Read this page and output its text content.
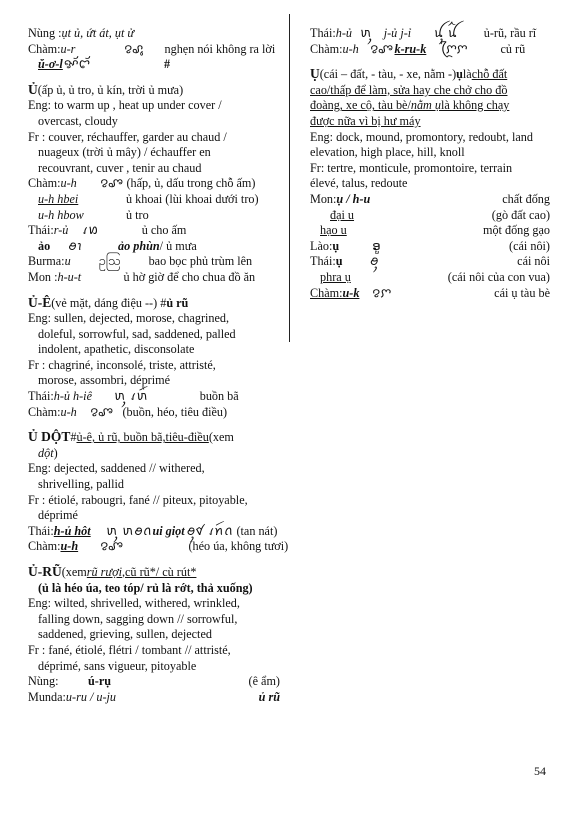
Nùng : ụt ủ, ứt át, ụt ử
Chàm: u-r	ꨂꨣꨶ	nghẹn nói không ra lời
ŭ-ơ-l ꨀꨮꨤꨮ	#
Ủ (ấp ủ, ủ tro, ủ kín, trời ủ mưa)
Eng: to warm up , heat up under cover /
overcast, cloudy
Fr : couver, réchauffer, garder au chaud /
nuageux (trời ủ mây) / échauffer en
recouvrant, cuver , tenir au chaud
Chàm: u-h	ꨂꨨ (hấp, ủ, dấu trong chỗ ấm)
u-h hbei	ủ khoai (lùi khoai dưới tro)
u-h hbow	ủ tro
Thái: r-ủ	ꪹꪭ	ủ cho ấm
ảo	ꪮꪱ	ảo phùn / ủ mưa
Burma: u	ဥသြ	bao bọc phủ trùm lên
Mon : h-u-t	ủ hờ giờ để cho chua đồ ăn
Ủ-Ê (vẻ mặt, dáng điệu --) # ủ rũ
Eng: sullen, dejected, morose, chagrined,
doleful, sorrowful, sad, saddened, palled
indolent, apathetic, disconsolate
Fr : chagriné, inconsolé, triste, attristé,
morose, assombri, déprimé
Thái: h-ủ h-iê	ꪬꪴ ꪹꪬꪸ	buồn bã
Chàm: u-h	ꨂꨨ (buồn, héo, tiêu điều)
Ủ DỘT # ủ-ê, ủ rũ, buồn bã,tiêu-điều (xem
dột )
Eng: dejected, saddened // withered,
shrivelling, pallid
Fr : étiolé, rabougri, fané // piteux, pitoyable,
déprimé
Thái: h-ủ hôt	ꪬꪴ ꪬꪮꪒ ui giọt ꪮꪴꪥ ꪹꪀꪷꪒ (tan nát)
Chàm: u-h	ꨂꨨ	(héo úa, không tươi)
Ủ-RŨ (xem rũ rượi , cũ rũ*/ cù rút*
(ủ là héo úa, teo tóp/ rủ là rớt, thả xuống)
Eng: wilted, shrivelled, withered, wrinkled,
falling down, sagging down // sorrowful,
saddened, grieving, sullen, dejected
Fr : fané, étiolé, flétri / tombant // attristé,
déprimé, sans vigueur, pitoyable
Nùng:	ú-rụ	(ê ẩm)
Munda: u-ru / u-ju	ủ rũ
Thái: h-ủ ꪬꪴ j-ủ j-ỉ	ꪊꪴ ꪊꪲ	ủ-rũ, rầu rĩ
Chàm: u-h ꨂꨨ k-ru-k	ꨆꨴꨆ	củ rũ
Ụ (cái – đất, - tàu, - xe, nằm -) ụ là chỗ đất
cao/thấp để làm, sửa hay che chở cho đồ
đoàng, xe cộ, tàu bè/ nằm ụ là không chạy
được nữa vì bị hư máy
Eng: dock, mound, promontory, redoubt, land
elevation, high place, hill, knoll
Fr: tertre, monticule, promontoire, terrain
élevé, talus, redoute
Mon: ụ / h-u	chất đống
đại u	(gò đất cao)
hạo u	một đống gạo
Lào: ụ	ອູ	(cái nôi)
Thái: ụ	ꪮꪴ	cái nôi
phra ụ	(cái nôi của con vua)
Chàm: u-k	ꨂꨆ	cái ụ tàu bè
54
